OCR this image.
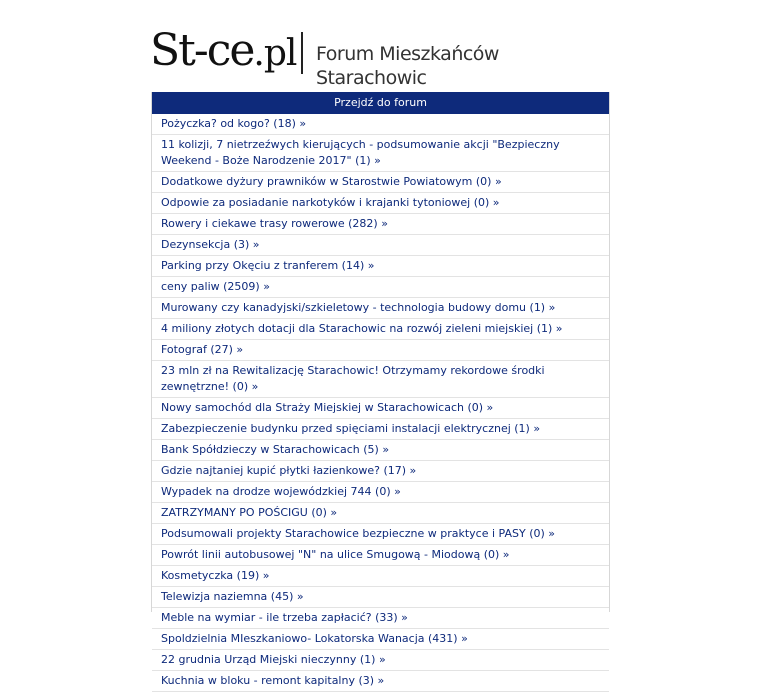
St-ce.pl Forum Mieszkańców Starachowic
Przejdź do forum
Pożyczka? od kogo? (18) »
11 kolizji, 7 nietrzeźwych kierujących - podsumowanie akcji "Bezpieczny Weekend - Boże Narodzenie 2017" (1) »
Dodatkowe dyżury prawników w Starostwie Powiatowym (0) »
Odpowie za posiadanie narkotyków i krajanki tytoniowej (0) »
Rowery i ciekawe trasy rowerowe (282) »
Dezynsekcja (3) »
Parking przy Okęciu z tranferem (14) »
ceny paliw (2509) »
Murowany czy kanadyjski/szkieletowy - technologia budowy domu (1) »
4 miliony złotych dotacji dla Starachowic na rozwój zieleni miejskiej (1) »
Fotograf (27) »
23 mln zł na Rewitalizację Starachowic! Otrzymamy rekordowe środki zewnętrzne! (0) »
Nowy samochód dla Straży Miejskiej w Starachowicach (0) »
Zabezpieczenie budynku przed spięciami instalacji elektrycznej (1) »
Bank Spółdzieczy w Starachowicach (5) »
Gdzie najtaniej kupić płytki łazienkowe? (17) »
Wypadek na drodze wojewódzkiej 744 (0) »
ZATRZYMANY PO POŚCIGU (0) »
Podsumowali projekty Starachowice bezpieczne w praktyce i PASY (0) »
Powrót linii autobusowej "N" na ulice Smugową - Miodową (0) »
Kosmetyczka (19) »
Telewizja naziemna (45) »
Meble na wymiar - ile trzeba zapłacić? (33) »
Spoldzielnia MIeszkaniowo- Lokatorska Wanacja (431) »
22 grudnia Urząd Miejski nieczynny (1) »
Kuchnia w bloku - remont kapitalny (3) »
